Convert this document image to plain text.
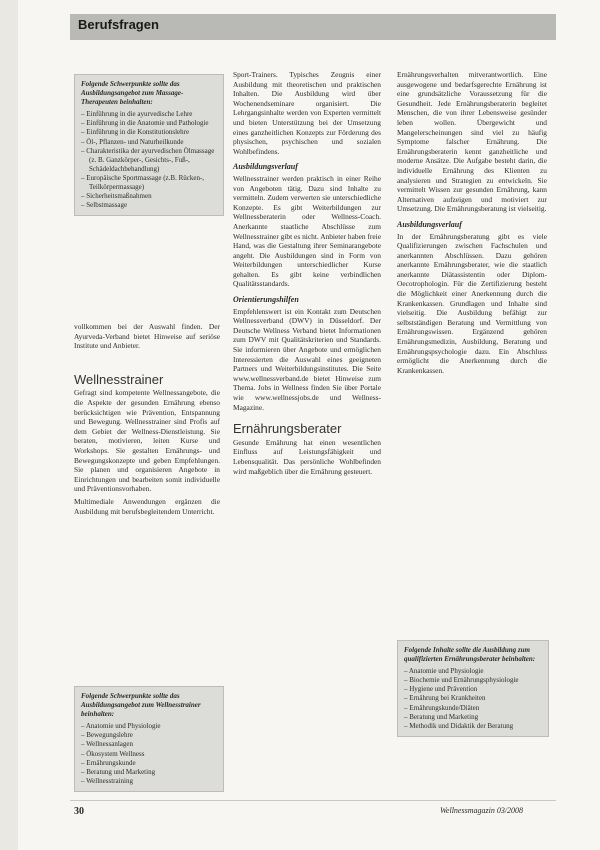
Berufsfragen
Folgende Schwerpunkte sollte das Ausbildungsangebot zum Massage-Therapeuten beinhalten:
– Einführung in die ayurvedische Lehre
– Einführung in die Anatomie und Pathologie
– Einführung in die Konstitutionslehre
– Öl-, Pflanzen- und Naturheilkunde
– Charakteristika der ayurvedischen Ölmassage (z. B. Ganzkörper-, Gesichts-, Fuß-, Schädeldachbehandlung)
– Europäische Sportmassage (z.B. Rücken-, Teilkörpermassage)
– Sicherheitsmaßnahmen
– Selbstmassage

vollkommen bei der Auswahl finden. Der Ayurveda-Verband bietet Hinweise auf seriöse Institute und Anbieter.

Wellnesstrainer

Gefragt sind kompetente Wellnessangebote, die die Aspekte der gesunden Ernährung ebenso berücksichtigen wie Prävention, Entspannung und Bewegung. Wellnesstrainer sind Profis auf dem Gebiet der Wellness-Dienstleistung. Sie beraten, motivieren, leiten Kurse und Workshops. Sie gestalten Ernährungs- und Bewegungskonzepte und geben Empfehlungen. Sie planen und organisieren Angebote in Einrichtungen und bearbeiten somit individuelle und Präventionsvorhaben.

Multimediale Anwendungen ergänzen die Ausbildung mit berufsbegleitendem Unterricht.

Folgende Schwerpunkte sollte das Ausbildungsangebot zum Wellnesstrainer beinhalten:
– Anatomie und Physiologie
– Bewegungslehre
– Wellnessanlagen
– Ökosystem Wellness
– Ernährungskunde
– Beratung und Marketing
– Wellnesstraining

Sport-Trainers. Typisches Zeugnis einer Ausbildung mit theoretischen und praktischen Inhalten. Die Ausbildung wird über Wochenendseminare organisiert. Die Lehrgangsinhalte werden von Experten vermittelt und bieten Unterstützung bei der Umsetzung eines ganzheitlichen Konzepts zur Förderung des physischen, psychischen und sozialen Wohlbefindens.

Ausbildungsverlauf

Wellnesstrainer werden praktisch in einer Reihe von Angeboten tätig. Dazu sind Inhalte zu vermitteln. Zudem verwerten sie unterschiedliche Konzepte. Es gibt Weiterbildungen zur Wellnessberaterin oder Wellness-Coach. Anerkannte staatliche Abschlüsse zum Wellnesstrainer gibt es nicht. Anbieter haben freie Hand, was die Gestaltung ihrer Seminarangebote angeht. Die Ausbildungen sind in Form von Weiterbildungen unterschiedlicher Kurse gehalten. Es gibt keine verbindlichen Qualitätsstandards.

Orientierungshilfen

Empfehlenswert ist ein Kontakt zum Deutschen Wellnessverband (DWV) in Düsseldorf. Der Deutsche Wellness Verband bietet Informationen zum DWV mit Qualitätskriterien und Standards. Sie informieren über Angebote und ermöglichen Interessierten die Auswahl eines geeigneten Partners und Weiterbildungsinstitutes. Die Seite www.wellnessverband.de bietet Hinweise zum Thema. Jobs in Wellness finden Sie über Portale wie www.wellnessjobs.de und Wellness-Magazine.

Ernährungsberater

Gesunde Ernährung hat einen wesentlichen Einfluss auf Leistungsfähigkeit und Lebensqualität. Das persönliche Wohlbefinden wird maßgeblich über die Ernährung gesteuert.

Ernährungsverhalten mitverantwortlich. Eine ausgewogene und bedarfsgerechte Ernährung ist eine grundsätzliche Voraussetzung für die Gesundheit. Jede Ernährungsberaterin begleitet Menschen, die von ihrer Lebensweise gesünder leben wollen. Übergewicht und Mangelerscheinungen sind viel zu häufig Symptome falscher Ernährung. Die Ernährungsberaterin kennt ganzheitliche und moderne Ansätze. Die Aufgabe besteht darin, die individuelle Ernährung des Klienten zu analysieren und Strategien zu entwickeln. Sie vermittelt Wissen zur gesunden Ernährung, kann Alternativen aufzeigen und motiviert zur Umsetzung. Die Ernährungsberatung ist vielseitig.

Ausbildungsverlauf

In der Ernährungsberatung gibt es viele Qualifizierungen zwischen Fachschulen und anerkannten Abschlüssen. Dazu gehören anerkannte Ernährungsberater, wie die staatlich anerkannte Diätassistentin oder Diplom-Oecotrophologin. Für die Zertifizierung besteht die Möglichkeit einer Anerkennung durch die Krankenkassen. Grundlagen und Inhalte sind vielseitig. Die Ausbildung befähigt zur selbstständigen Beratung und Vermittlung von Ernährungswissen. Ergänzend gehören Ernährungsmedizin, Ausbildung, Beratung und Ernährungspsychologie dazu. Ein Abschluss ermöglicht die Anerkennung durch die Krankenkassen.

Folgende Inhalte sollte die Ausbildung zum qualifizierten Ernährungsberater beinhalten:
– Anatomie und Physiologie
– Biochemie und Ernährungsphysiologie
– Hygiene und Prävention
– Ernährung bei Krankheiten
– Ernährungskunde/Diäten
– Beratung und Marketing
– Methodik und Didaktik der Beratung
30	Wellnessmagazin 03/2008
